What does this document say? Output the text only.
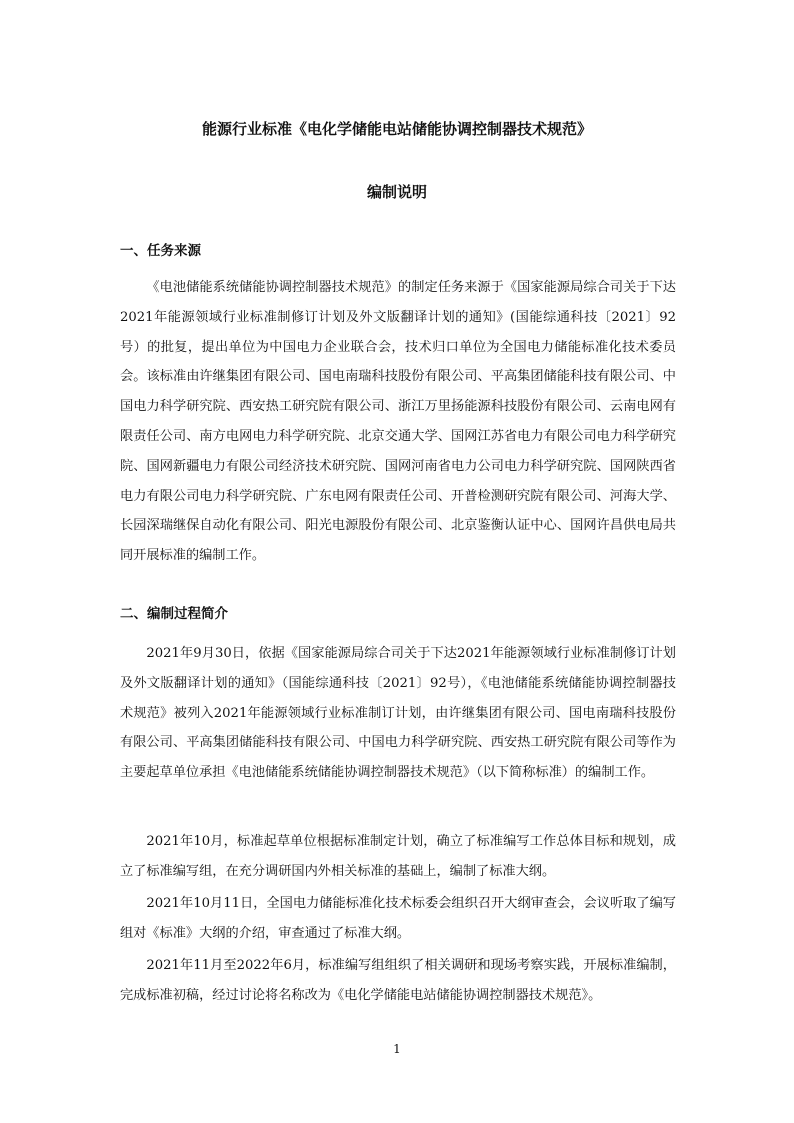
能源行业标准《电化学储能电站储能协调控制器技术规范》
编制说明
一、任务来源

《电池储能系统储能协调控制器技术规范》的制定任务来源于《国家能源局综合司关于下达2021年能源领域行业标准制修订计划及外文版翻译计划的通知》(国能综通科技〔2021〕92号）的批复，提出单位为中国电力企业联合会，技术归口单位为全国电力储能标准化技术委员会。该标准由许继集团有限公司、国电南瑞科技股份有限公司、平高集团储能科技有限公司、中国电力科学研究院、西安热工研究院有限公司、浙江万里扬能源科技股份有限公司、云南电网有限责任公司、南方电网电力科学研究院、北京交通大学、国网江苏省电力有限公司电力科学研究院、国网新疆电力有限公司经济技术研究院、国网河南省电力公司电力科学研究院、国网陕西省电力有限公司电力科学研究院、广东电网有限责任公司、开普检测研究院有限公司、河海大学、长园深瑞继保自动化有限公司、阳光电源股份有限公司、北京鉴衡认证中心、国网许昌供电局共同开展标准的编制工作。

二、编制过程简介

2021年9月30日，依据《国家能源局综合司关于下达2021年能源领域行业标准制修订计划及外文版翻译计划的通知》（国能综通科技〔2021〕92号），《电池储能系统储能协调控制器技术规范》被列入2021年能源领域行业标准制订计划，由许继集团有限公司、国电南瑞科技股份有限公司、平高集团储能科技有限公司、中国电力科学研究院、西安热工研究院有限公司等作为主要起草单位承担《电池储能系统储能协调控制器技术规范》（以下简称标准）的编制工作。

2021年10月，标准起草单位根据标准制定计划，确立了标准编写工作总体目标和规划，成立了标准编写组，在充分调研国内外相关标准的基础上，编制了标准大纲。

2021年10月11日，全国电力储能标准化技术标委会组织召开大纲审查会，会议听取了编写组对《标准》大纲的介绍，审查通过了标准大纲。

2021年11月至2022年6月，标准编写组组织了相关调研和现场考察实践，开展标准编制，完成标准初稿，经过讨论将名称改为《电化学储能电站储能协调控制器技术规范》。

1
